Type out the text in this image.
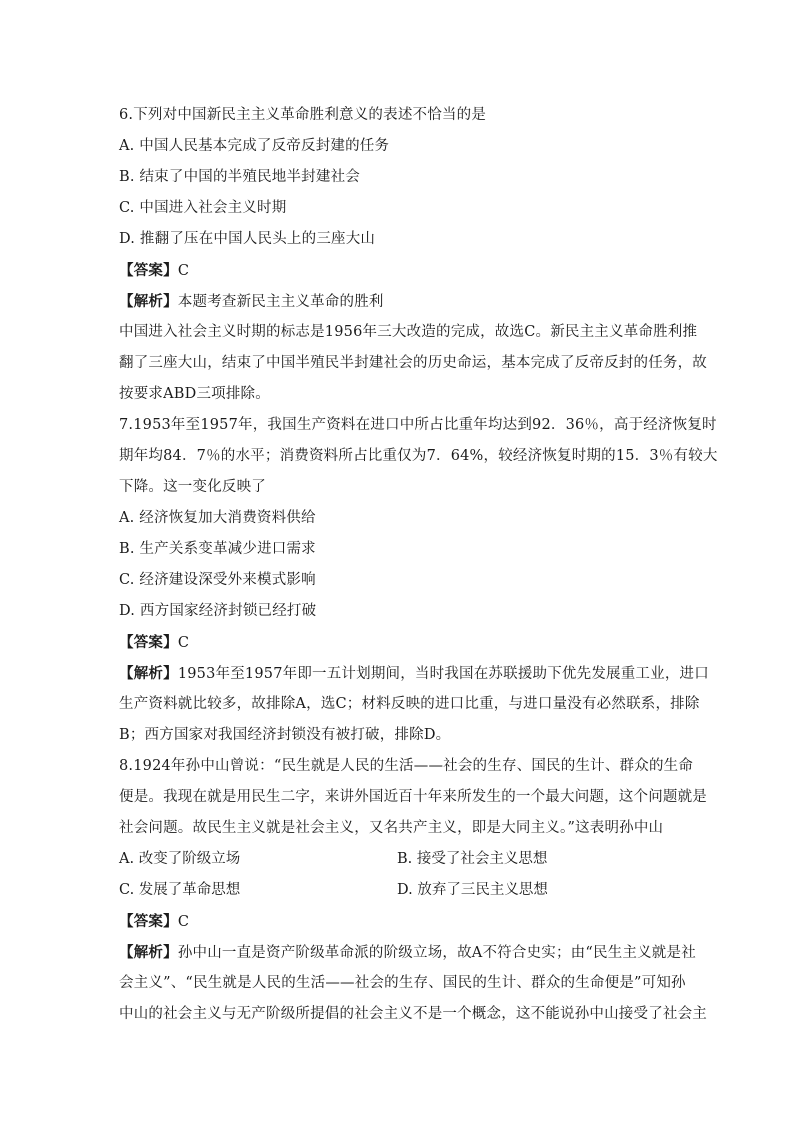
6.下列对中国新民主主义革命胜利意义的表述不恰当的是
A. 中国人民基本完成了反帝反封建的任务
B. 结束了中国的半殖民地半封建社会
C. 中国进入社会主义时期
D. 推翻了压在中国人民头上的三座大山
【答案】C
【解析】本题考查新民主主义革命的胜利
中国进入社会主义时期的标志是1956年三大改造的完成，故选C。新民主主义革命胜利推
翻了三座大山，结束了中国半殖民半封建社会的历史命运，基本完成了反帝反封的任务，故
按要求ABD三项排除。
7.1953年至1957年，我国生产资料在进口中所占比重年均达到92．36％，高于经济恢复时
期年均84．7％的水平；消费资料所占比重仅为7．64%，较经济恢复时期的15．3％有较大
下降。这一变化反映了
A. 经济恢复加大消费资料供给
B. 生产关系变革减少进口需求
C. 经济建设深受外来模式影响
D. 西方国家经济封锁已经打破
【答案】C
【解析】1953年至1957年即一五计划期间，当时我国在苏联援助下优先发展重工业，进口
生产资料就比较多，故排除A，选C；材料反映的进口比重，与进口量没有必然联系，排除
B；西方国家对我国经济封锁没有被打破，排除D。
8.1924年孙中山曾说：“民生就是人民的生活——社会的生存、国民的生计、群众的生命
便是。我现在就是用民生二字，来讲外国近百十年来所发生的一个最大问题，这个问题就是
社会问题。故民生主义就是社会主义，又名共产主义，即是大同主义。”这表明孙中山
A. 改变了阶级立场	B. 接受了社会主义思想
C. 发展了革命思想	D. 放弃了三民主义思想
【答案】C
【解析】孙中山一直是资产阶级革命派的阶级立场，故A不符合史实；由“民生主义就是社
会主义”、“民生就是人民的生活——社会的生存、国民的生计、群众的生命便是”可知孙
中山的社会主义与无产阶级所提倡的社会主义不是一个概念，这不能说孙中山接受了社会主
